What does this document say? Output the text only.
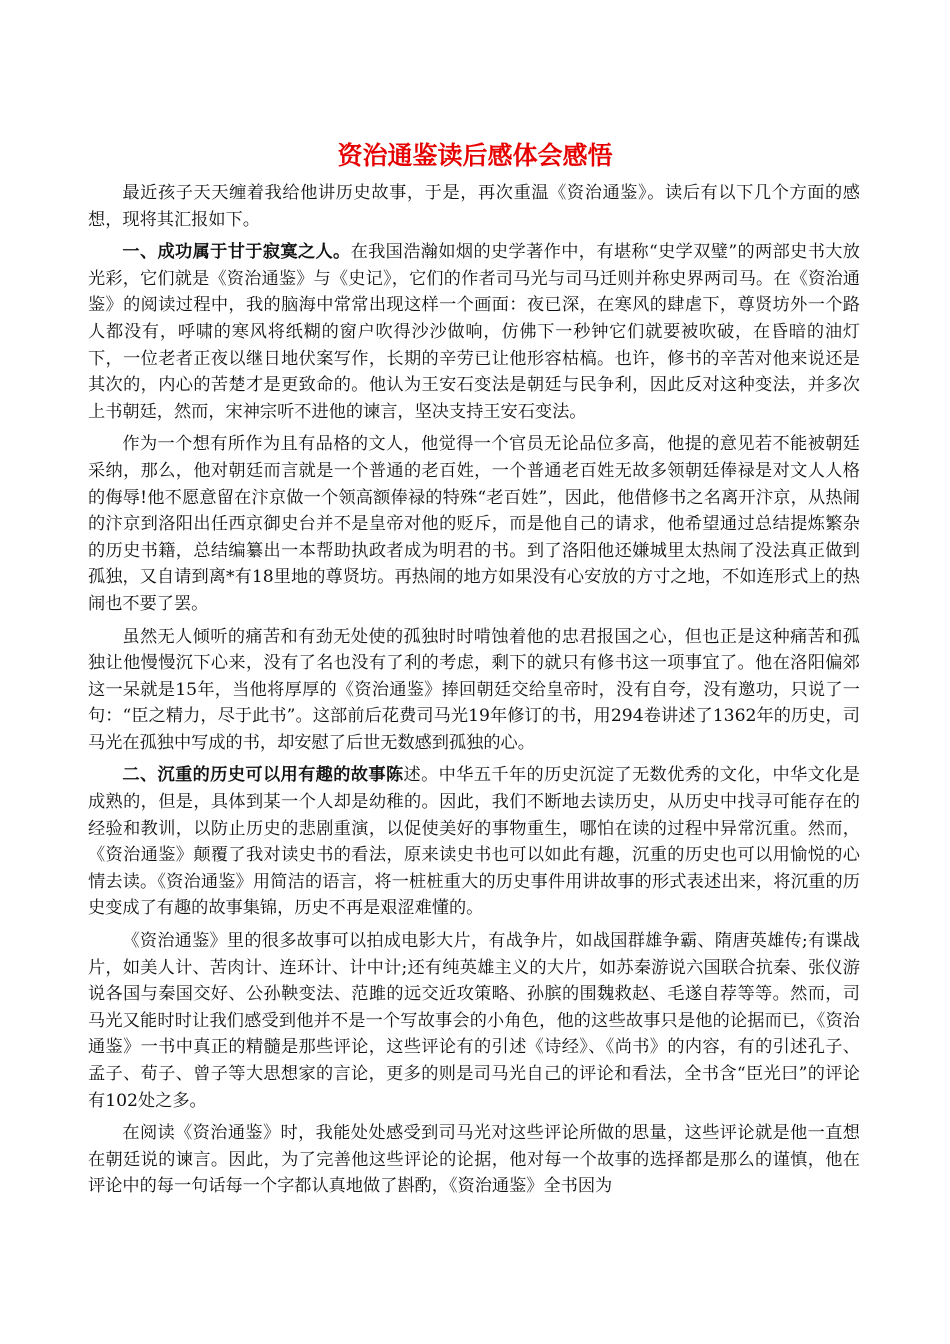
资治通鉴读后感体会感悟

最近孩子天天缠着我给他讲历史故事，于是，再次重温《资治通鉴》。读后有以下几个方面的感想，现将其汇报如下。

一、成功属于甘于寂寞之人。在我国浩瀚如烟的史学著作中，有堪称“史学双璧”的两部史书大放光彩，它们就是《资治通鉴》与《史记》，它们的作者司马光与司马迁则并称史界两司马。在《资治通鉴》的阅读过程中，我的脑海中常常出现这样一个画面：夜已深，在寒风的肆虐下，尊贤坊外一个路人都没有，呼啸的寒风将纸糊的窗户吹得沙沙做响，仿佛下一秒钟它们就要被吹破，在昏暗的油灯下，一位老者正夜以继日地伏案写作，长期的辛劳已让他形容枯槁。也许，修书的辛苦对他来说还是其次的，内心的苦楚才是更致命的。他认为王安石变法是朝廷与民争利，因此反对这种变法，并多次上书朝廷，然而，宋神宗听不进他的谏言，坚决支持王安石变法。

作为一个想有所作为且有品格的文人，他觉得一个官员无论品位多高，他提的意见若不能被朝廷采纳，那么，他对朝廷而言就是一个普通的老百姓，一个普通老百姓无故多领朝廷俸禄是对文人人格的侮辱!他不愿意留在汴京做一个领高额俸禄的特殊“老百姓”，因此，他借修书之名离开汴京，从热闹的汴京到洛阳出任西京御史台并不是皇帝对他的贬斥，而是他自己的请求，他希望通过总结提炼繁杂的历史书籍，总结编纂出一本帮助执政者成为明君的书。到了洛阳他还嫌城里太热闹了没法真正做到孤独，又自请到离*有18里地的尊贤坊。再热闹的地方如果没有心安放的方寸之地，不如连形式上的热闹也不要了罢。

虽然无人倾听的痛苦和有劲无处使的孤独时时啃蚀着他的忠君报国之心，但也正是这种痛苦和孤独让他慢慢沉下心来，没有了名也没有了利的考虑，剩下的就只有修书这一项事宜了。他在洛阳偏郊这一呆就是15年，当他将厚厚的《资治通鉴》捧回朝廷交给皇帝时，没有自夸，没有邀功，只说了一句：“臣之精力，尽于此书”。这部前后花费司马光19年修订的书，用294卷讲述了1362年的历史，司马光在孤独中写成的书，却安慰了后世无数感到孤独的心。

二、沉重的历史可以用有趣的故事陈述。中华五千年的历史沉淀了无数优秀的文化，中华文化是成熟的，但是，具体到某一个人却是幼稚的。因此，我们不断地去读历史，从历史中找寻可能存在的经验和教训，以防止历史的悲剧重演，以促使美好的事物重生，哪怕在读的过程中异常沉重。然而，《资治通鉴》颠覆了我对读史书的看法，原来读史书也可以如此有趣，沉重的历史也可以用愉悦的心情去读。《资治通鉴》用简洁的语言，将一桩桩重大的历史事件用讲故事的形式表述出来，将沉重的历史变成了有趣的故事集锦，历史不再是艰涩难懂的。

《资治通鉴》里的很多故事可以拍成电影大片，有战争片，如战国群雄争霸、隋唐英雄传;有谍战片，如美人计、苦肉计、连环计、计中计;还有纯英雄主义的大片，如苏秦游说六国联合抗秦、张仪游说各国与秦国交好、公孙鞅变法、范雎的远交近攻策略、孙膑的围魏救赵、毛遂自荐等等。然而，司马光又能时时让我们感受到他并不是一个写故事会的小角色，他的这些故事只是他的论据而已，《资治通鉴》一书中真正的精髓是那些评论，这些评论有的引述《诗经》、《尚书》的内容，有的引述孔子、孟子、荀子、曾子等大思想家的言论，更多的则是司马光自己的评论和看法，全书含“臣光曰”的评论有102处之多。

在阅读《资治通鉴》时，我能处处感受到司马光对这些评论所做的思量，这些评论就是他一直想在朝廷说的谏言。因此，为了完善他这些评论的论据，他对每一个故事的选择都是那么的谨慎，他在评论中的每一句话每一个字都认真地做了斟酌，《资治通鉴》全书因为
